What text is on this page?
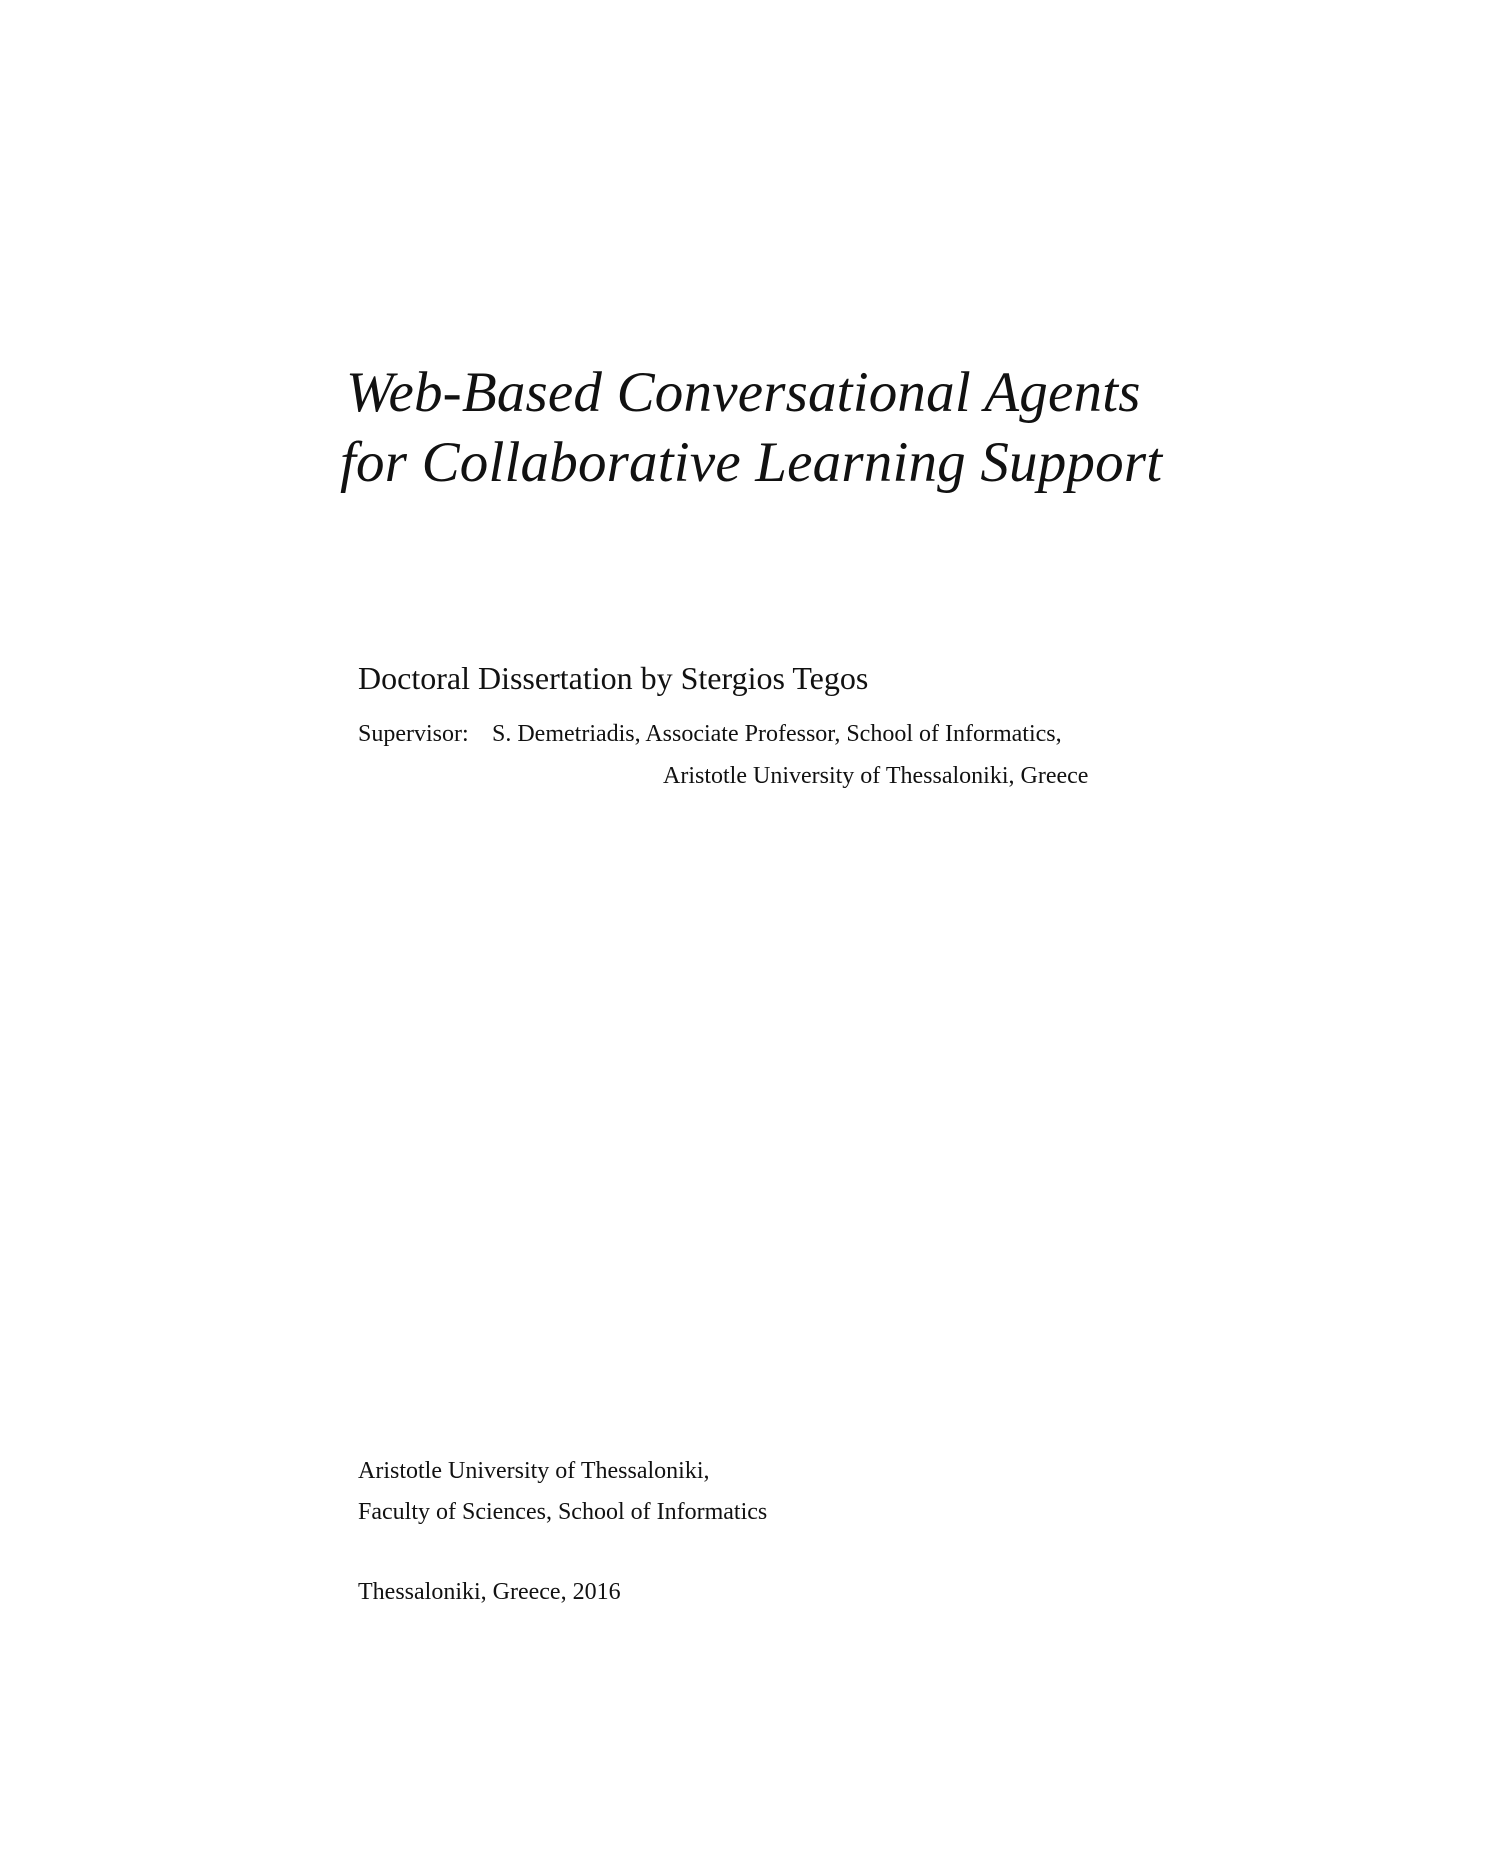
Web-Based Conversational Agents
for Collaborative Learning Support
Doctoral Dissertation by Stergios Tegos
Supervisor: S. Demetriadis, Associate Professor, School of Informatics,
Aristotle University of Thessaloniki, Greece
Aristotle University of Thessaloniki,
Faculty of Sciences, School of Informatics
Thessaloniki, Greece, 2016
